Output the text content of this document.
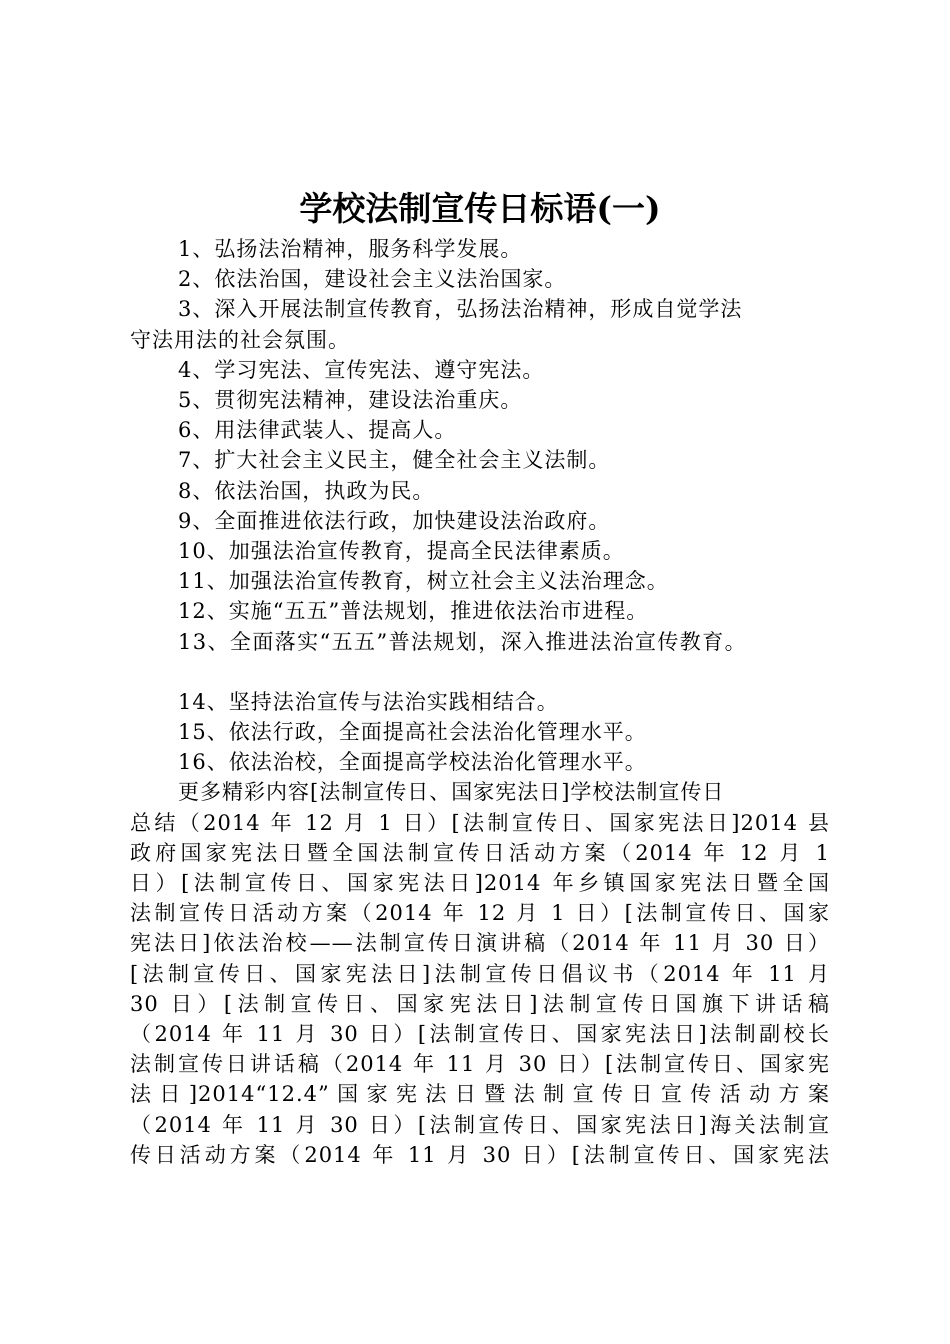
学校法制宣传日标语(一)
1、弘扬法治精神，服务科学发展。
2、依法治国，建设社会主义法治国家。
3、深入开展法制宣传教育，弘扬法治精神，形成自觉学法
守法用法的社会氛围。
4、学习宪法、宣传宪法、遵守宪法。
5、贯彻宪法精神，建设法治重庆。
6、用法律武装人、提高人。
7、扩大社会主义民主，健全社会主义法制。
8、依法治国，执政为民。
9、全面推进依法行政，加快建设法治政府。
10、加强法治宣传教育，提高全民法律素质。
11、加强法治宣传教育，树立社会主义法治理念。
12、实施“五五”普法规划，推进依法治市进程。
13、全面落实“五五”普法规划，深入推进法治宣传教育。
14、坚持法治宣传与法治实践相结合。
15、依法行政，全面提高社会法治化管理水平。
16、依法治校，全面提高学校法治化管理水平。
更多精彩内容[法制宣传日、国家宪法日]学校法制宣传日
总结（2014 年 12 月 1 日）[法制宣传日、国家宪法日]2014 县
政府国家宪法日暨全国法制宣传日活动方案（2014 年 12 月 1
日）[法制宣传日、国家宪法日]2014 年乡镇国家宪法日暨全国
法制宣传日活动方案（2014 年 12 月 1 日）[法制宣传日、国家
宪法日]依法治校——法制宣传日演讲稿（2014 年 11 月 30 日）
[法制宣传日、国家宪法日]法制宣传日倡议书（2014 年 11 月
30 日）[法制宣传日、国家宪法日]法制宣传日国旗下讲话稿
（2014 年 11 月 30 日）[法制宣传日、国家宪法日]法制副校长
法制宣传日讲话稿（2014 年 11 月 30 日）[法制宣传日、国家宪
法日]2014“12.4”国家宪法日暨法制宣传日宣传活动方案
（2014 年 11 月 30 日）[法制宣传日、国家宪法日]海关法制宣
传日活动方案（2014 年 11 月 30 日）[法制宣传日、国家宪法
